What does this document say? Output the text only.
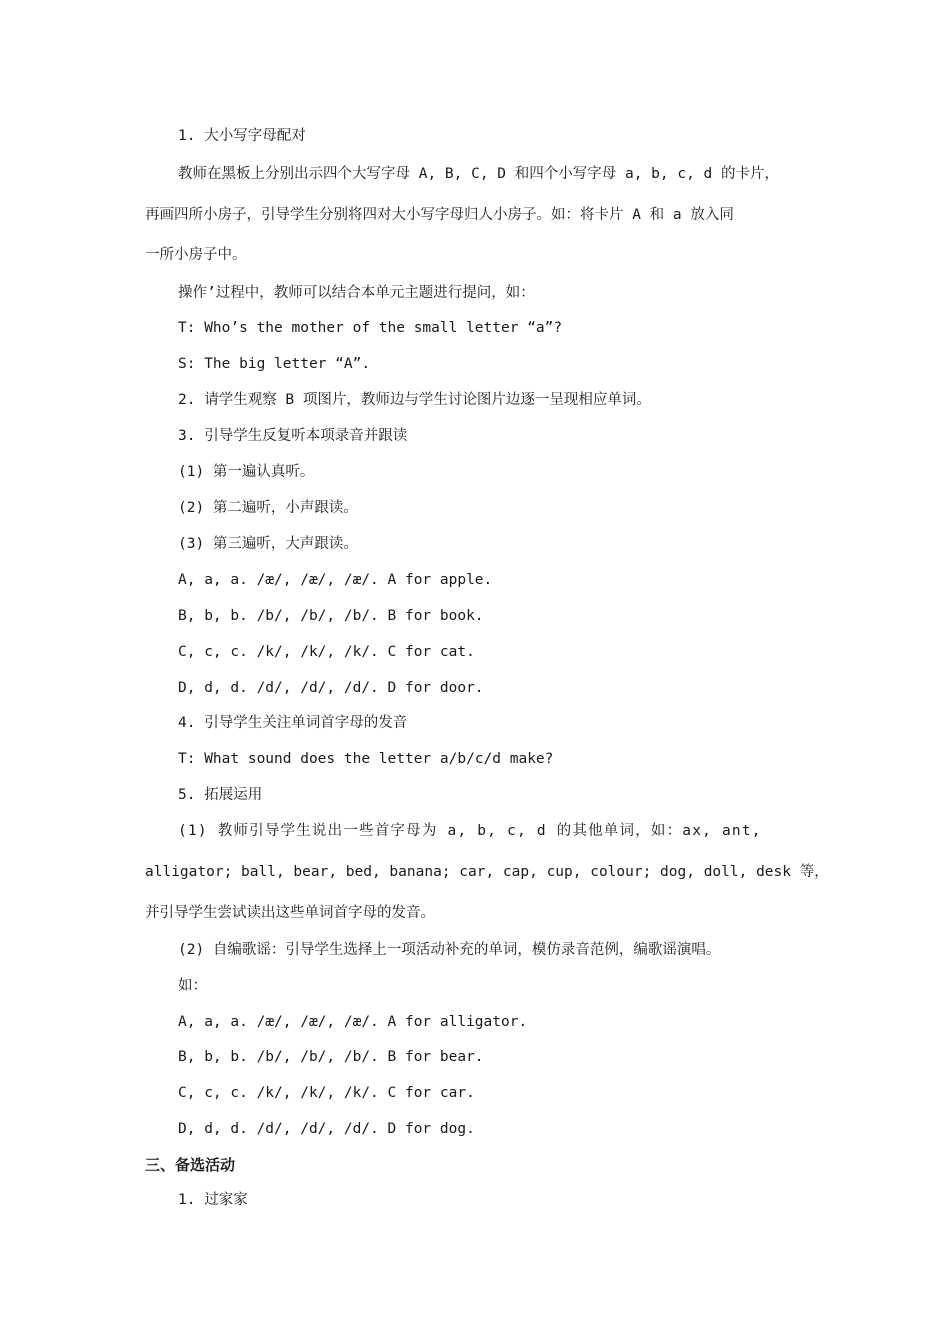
1. 大小写字母配对
教师在黑板上分别出示四个大写字母 A, B, C, D 和四个小写字母 a, b, c, d 的卡片，
再画四所小房子，引导学生分别将四对大小写字母归人小房子。如：将卡片 A 和 a 放入同
一所小房子中。
操作’过程中，教师可以结合本单元主题进行提问，如：
T: Who’s the mother of the small letter “a”?
S: The big letter “A”.
2. 请学生观察 B 项图片，教师边与学生讨论图片边逐一呈现相应单词。
3. 引导学生反复听本项录音并跟读
(1) 第一遍认真听。
(2) 第二遍听，小声跟读。
(3) 第三遍听，大声跟读。
A, a, a. /æ/, /æ/, /æ/. A for apple.
B, b, b. /b/, /b/, /b/. B for book.
C, c, c. /k/, /k/, /k/. C for cat.
D, d, d. /d/, /d/, /d/. D for door.
4. 引导学生关注单词首字母的发音
T: What sound does the letter a/b/c/d make?
5. 拓展运用
(1) 教师引导学生说出一些首字母为 a, b, c, d 的其他单词，如：ax, ant,
alligator; ball, bear, bed, banana; car, cap, cup, colour; dog, doll, desk 等，
并引导学生尝试读出这些单词首字母的发音。
(2) 自编歌谣：引导学生选择上一项活动补充的单词，模仿录音范例，编歌谣演唱。
如：
A, a, a. /æ/, /æ/, /æ/. A for alligator.
B, b, b. /b/, /b/, /b/. B for bear.
C, c, c. /k/, /k/, /k/. C for car.
D, d, d. /d/, /d/, /d/. D for dog.
三、备选活动
1. 过家家
